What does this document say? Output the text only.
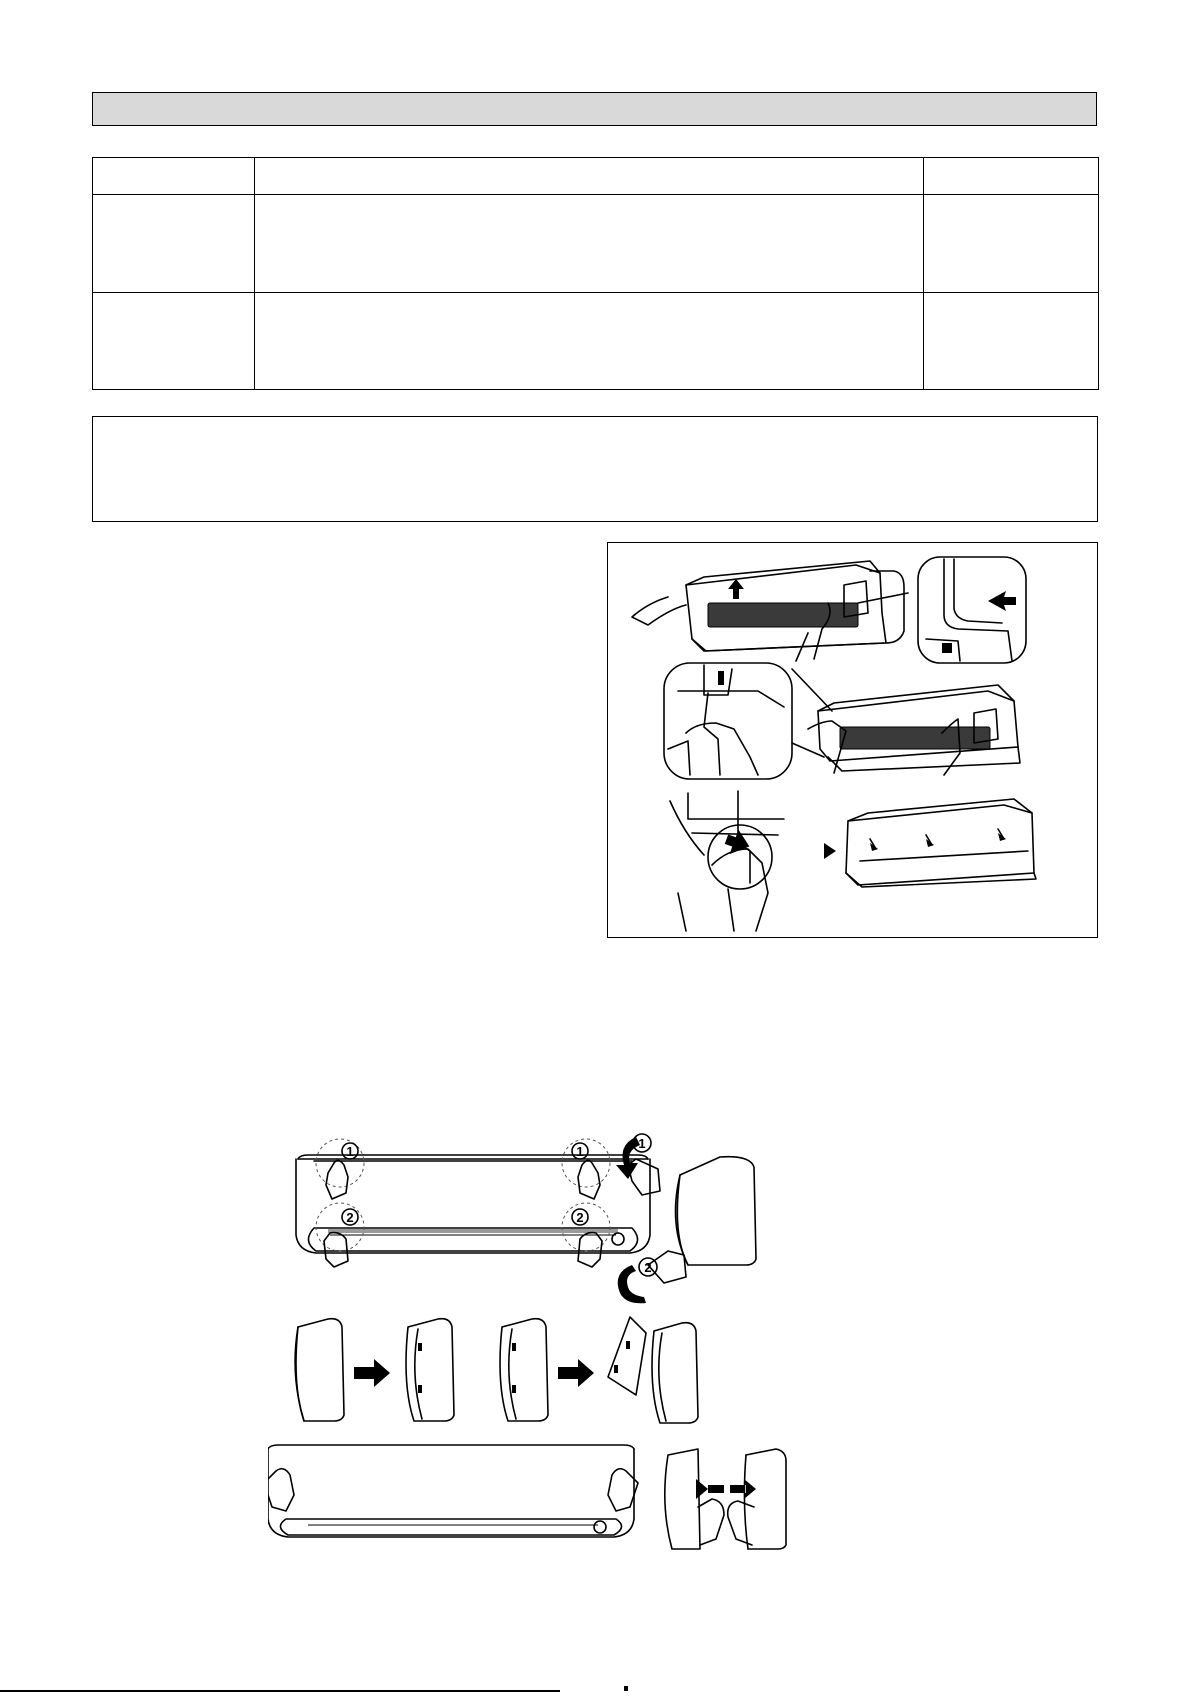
1	1
2	2
1
2
